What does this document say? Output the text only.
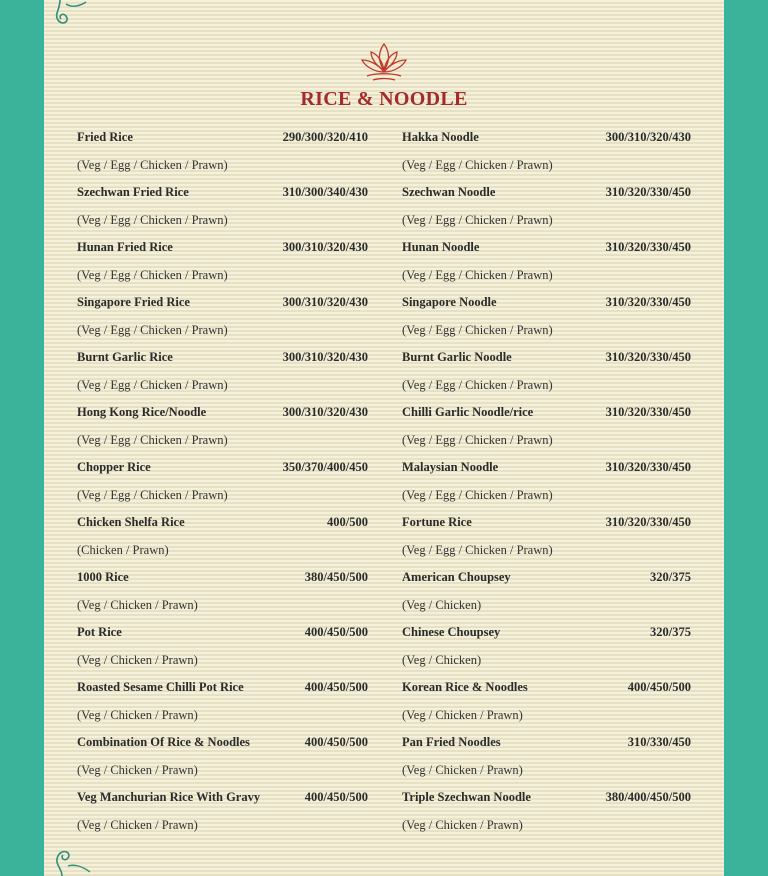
RICE & NOODLE
Fried Rice	290/300/320/410
(Veg / Egg / Chicken / Prawn)
Szechwan Fried Rice	310/300/340/430
(Veg / Egg / Chicken / Prawn)
Hunan Fried Rice	300/310/320/430
(Veg / Egg / Chicken / Prawn)
Singapore Fried Rice	300/310/320/430
(Veg / Egg / Chicken / Prawn)
Burnt Garlic Rice	300/310/320/430
(Veg / Egg / Chicken / Prawn)
Hong Kong Rice/Noodle	300/310/320/430
(Veg / Egg / Chicken / Prawn)
Chopper Rice	350/370/400/450
(Veg / Egg / Chicken / Prawn)
Chicken Shelfa Rice	400/500
(Chicken / Prawn)
1000 Rice	380/450/500
(Veg / Chicken / Prawn)
Pot Rice	400/450/500
(Veg / Chicken / Prawn)
Roasted Sesame Chilli Pot Rice	400/450/500
(Veg / Chicken / Prawn)
Combination Of Rice & Noodles	400/450/500
(Veg / Chicken / Prawn)
Veg Manchurian Rice With Gravy	400/450/500
(Veg / Chicken / Prawn)
Hakka Noodle	300/310/320/430
(Veg / Egg / Chicken / Prawn)
Szechwan Noodle	310/320/330/450
(Veg / Egg / Chicken / Prawn)
Hunan Noodle	310/320/330/450
(Veg / Egg / Chicken / Prawn)
Singapore Noodle	310/320/330/450
(Veg / Egg / Chicken / Prawn)
Burnt Garlic Noodle	310/320/330/450
(Veg / Egg / Chicken / Prawn)
Chilli Garlic Noodle/rice	310/320/330/450
(Veg / Egg / Chicken / Prawn)
Malaysian Noodle	310/320/330/450
(Veg / Egg / Chicken / Prawn)
Fortune Rice	310/320/330/450
(Veg / Egg / Chicken / Prawn)
American Choupsey	320/375
(Veg / Chicken)
Chinese Choupsey	320/375
(Veg / Chicken)
Korean Rice & Noodles	400/450/500
(Veg / Chicken / Prawn)
Pan Fried Noodles	310/330/450
(Veg / Chicken / Prawn)
Triple Szechwan Noodle	380/400/450/500
(Veg / Chicken / Prawn)
